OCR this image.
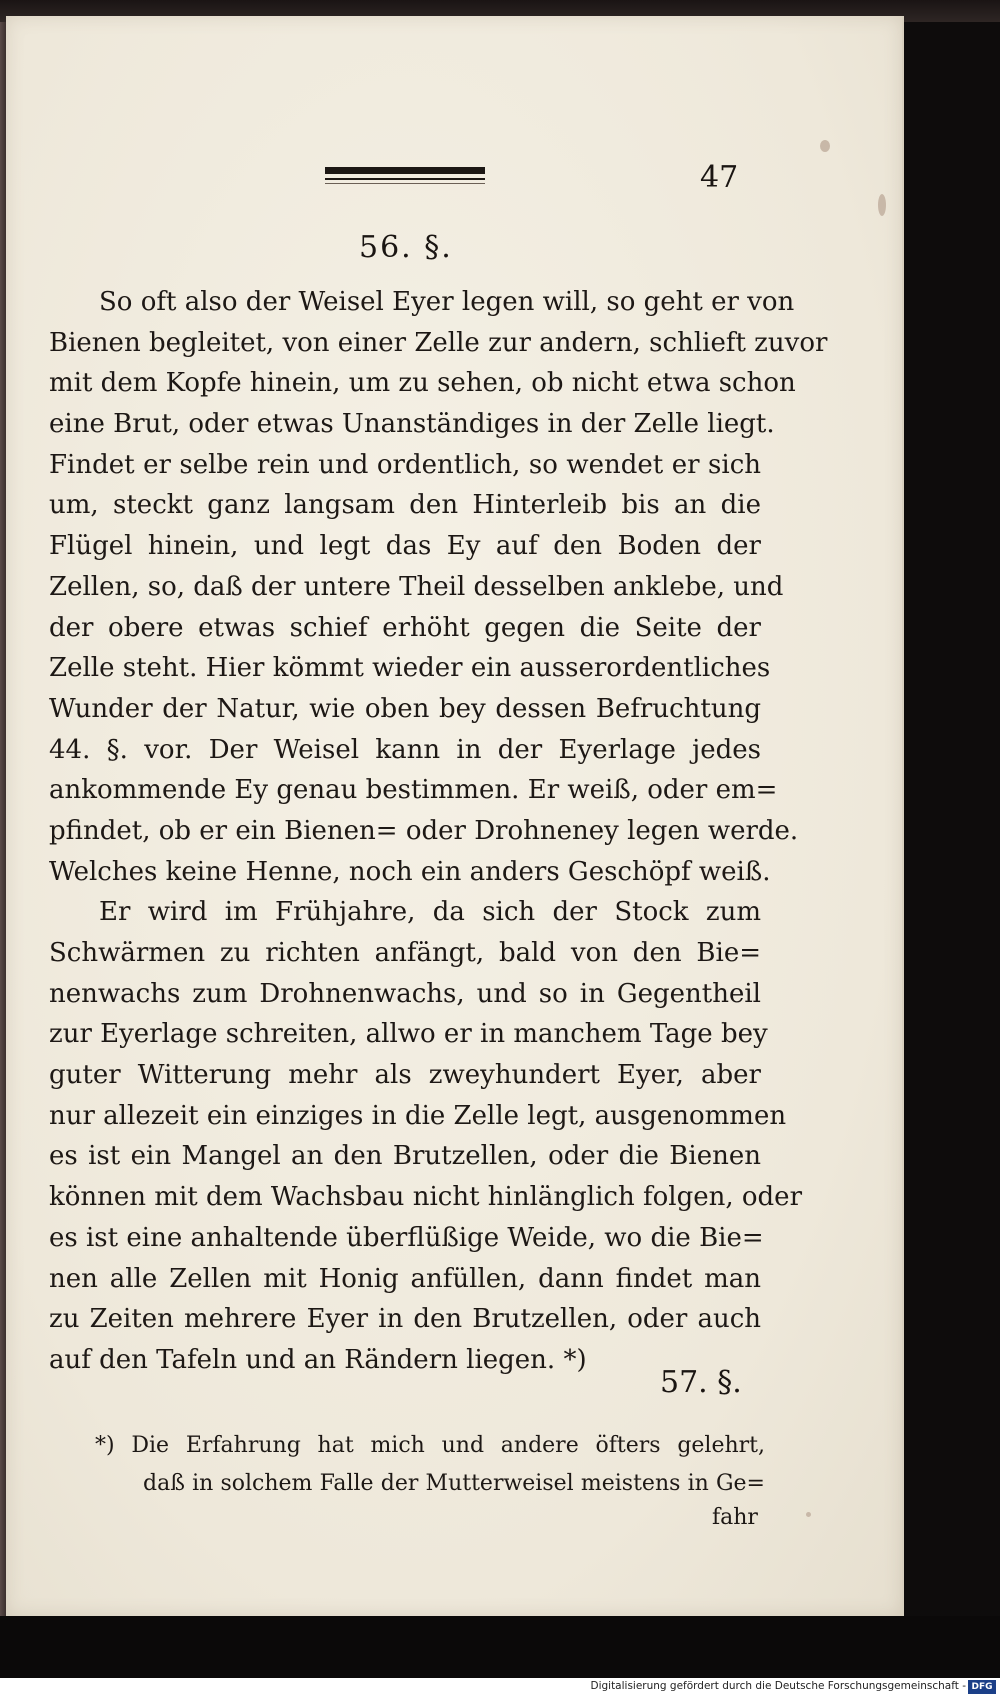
47
56. §.
So oft also der Weisel Eyer legen will, so geht er von
Bienen begleitet, von einer Zelle zur andern, schlieft zuvor
mit dem Kopfe hinein, um zu sehen, ob nicht etwa schon
eine Brut, oder etwas Unanständiges in der Zelle liegt.
Findet er selbe rein und ordentlich, so wendet er sich
um, steckt ganz langsam den Hinterleib bis an die
Flügel hinein, und legt das Ey auf den Boden der
Zellen, so, daß der untere Theil desselben anklebe, und
der obere etwas schief erhöht gegen die Seite der
Zelle steht. Hier kömmt wieder ein ausserordentliches
Wunder der Natur, wie oben bey dessen Befruchtung
44. §. vor. Der Weisel kann in der Eyerlage jedes
ankommende Ey genau bestimmen. Er weiß, oder em=
pfindet, ob er ein Bienen= oder Drohneney legen werde.
Welches keine Henne, noch ein anders Geschöpf weiß.
Er wird im Frühjahre, da sich der Stock zum
Schwärmen zu richten anfängt, bald von den Bie=
nenwachs zum Drohnenwachs, und so in Gegentheil
zur Eyerlage schreiten, allwo er in manchem Tage bey
guter Witterung mehr als zweyhundert Eyer, aber
nur allezeit ein einziges in die Zelle legt, ausgenommen
es ist ein Mangel an den Brutzellen, oder die Bienen
können mit dem Wachsbau nicht hinlänglich folgen, oder
es ist eine anhaltende überflüßige Weide, wo die Bie=
nen alle Zellen mit Honig anfüllen, dann findet man
zu Zeiten mehrere Eyer in den Brutzellen, oder auch
auf den Tafeln und an Rändern liegen. *)
57. §.
*) Die Erfahrung hat mich und andere öfters gelehrt,
daß in solchem Falle der Mutterweisel meistens in Ge=
fahr
Digitalisierung gefördert durch die Deutsche Forschungsgemeinschaft - DFG
